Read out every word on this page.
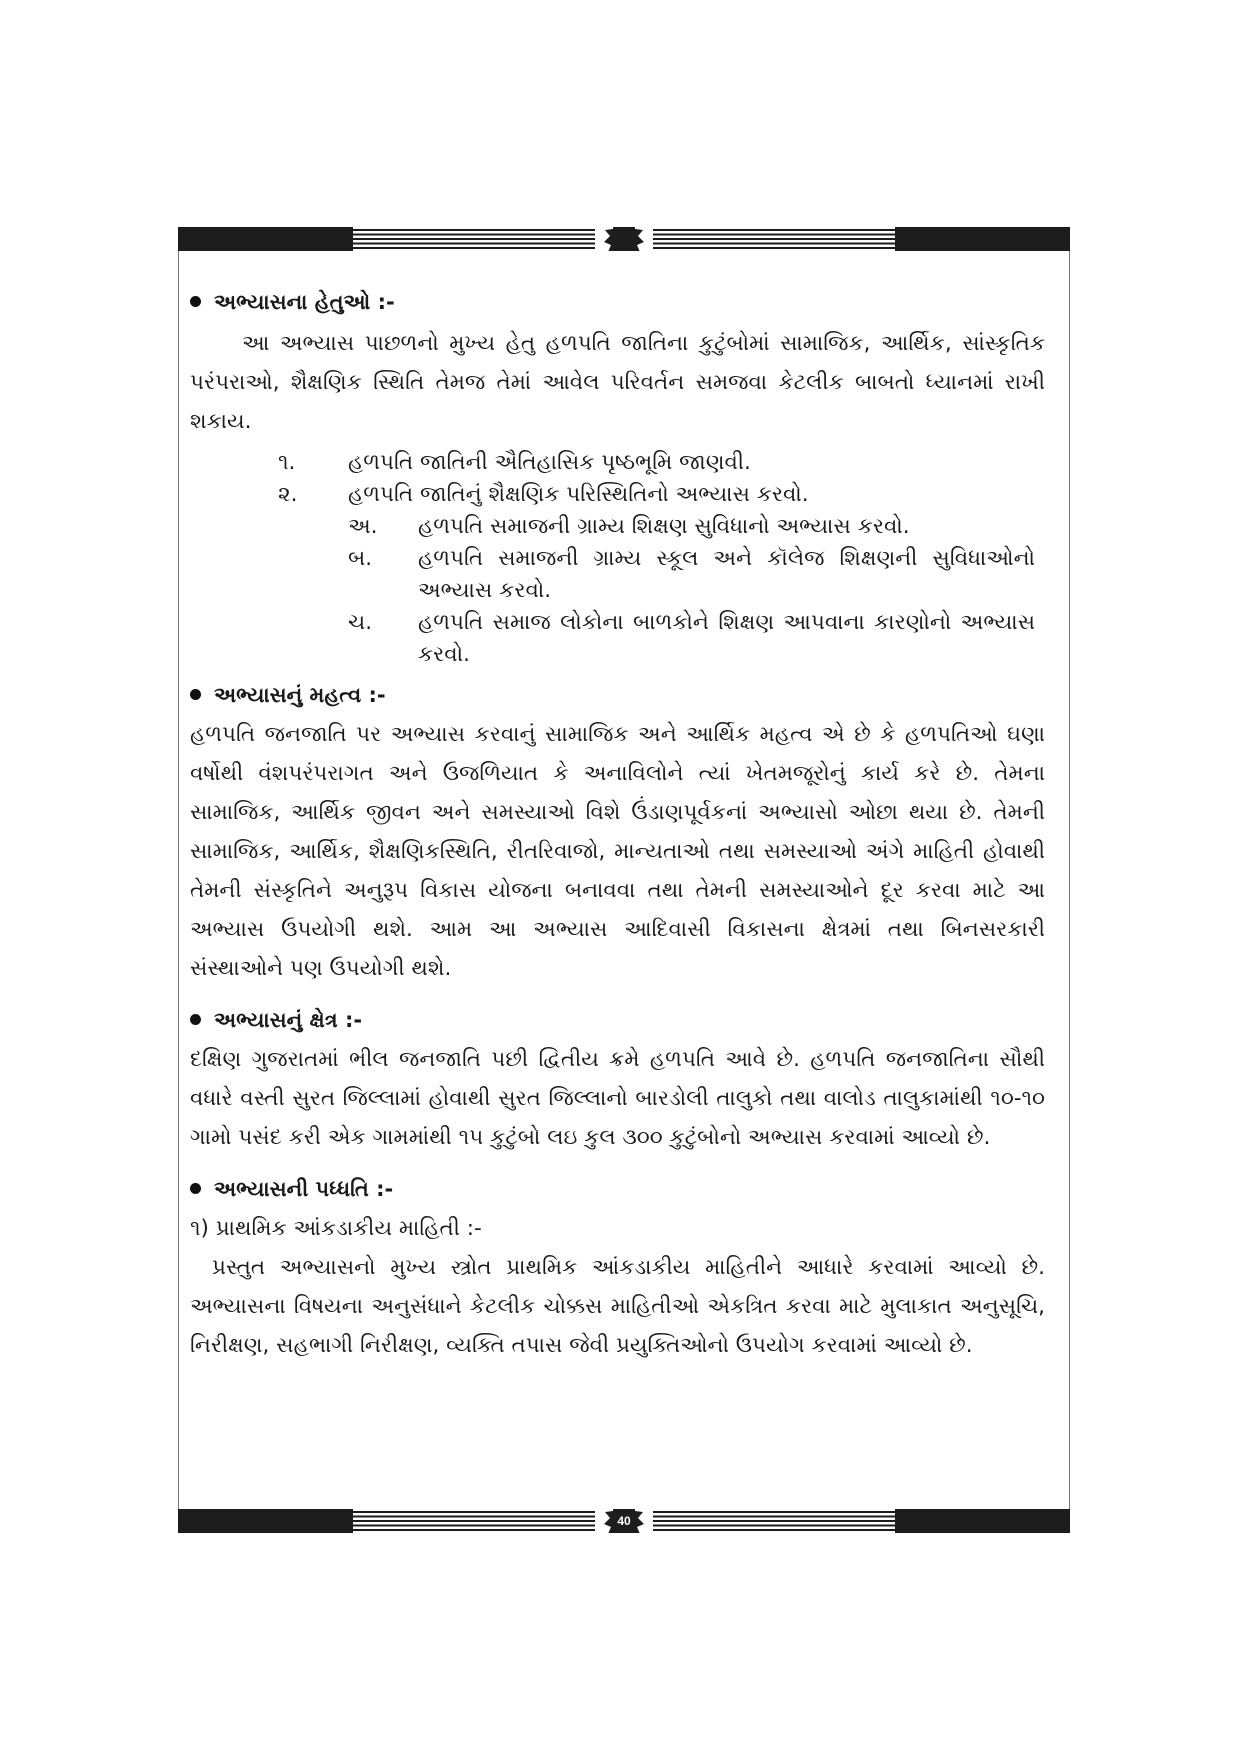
40
અભ્યાસના હેતુઓ :-

આ અભ્યાસ પાછળનો મુખ્ય હેતુ હળપતિ જાતિના કુટુંબોમાં સામાજિક, આર્થિક, સાંસ્કૃતિક પરંપરાઓ, શૈક્ષણિક સ્થિતિ તેમજ તેમાં આવેલ પરિવર્તન સમજવા કેટલીક બાબતો ધ્યાનમાં રાખી શકાય.

૧.	હળપતિ જાતિની ઐતિહાસિક પૃષ્ઠભૂમિ જાણવી.
૨.	હળપતિ જાતિનું શૈક્ષણિક પરિસ્થિતિનો અભ્યાસ કરવો.
અ.	હળપતિ સમાજની ગ્રામ્ય શિક્ષણ સુવિધાનો અભ્યાસ કરવો.
બ.	હળપતિ સમાજની ગ્રામ્ય સ્કૂલ અને કૉલેજ શિક્ષણની સુવિધાઓનો અભ્યાસ કરવો.
ચ.	હળપતિ સમાજ લોકોના બાળકોને શિક્ષણ આપવાના કારણોનો અભ્યાસ કરવો.
અભ્યાસનું મહત્વ :-

હળપતિ જનજાતિ પર અભ્યાસ કરવાનું સામાજિક અને આર્થિક મહત્વ એ છે કે હળપતિઓ ઘણા વર્ષોથી વંશપરંપરાગત અને ઉજળિયાત કે અનાવિલોને ત્યાં ખેતમજૂરોનું કાર્ય કરે છે. તેમના સામાજિક, આર્થિક જીવન અને સમસ્યાઓ વિશે ઉંડાણપૂર્વકનાં અભ્યાસો ઓછા થયા છે. તેમની સામાજિક, આર્થિક, શૈક્ષણિકસ્થિતિ, રીતરિવાજો, માન્યતાઓ તથા સમસ્યાઓ અંગે માહિતી હોવાથી તેમની સંસ્કૃતિને અનુરૂપ વિકાસ યોજના બનાવવા તથા તેમની સમસ્યાઓને દૂર કરવા માટે આ અભ્યાસ ઉપયોગી થશે. આમ આ અભ્યાસ આદિવાસી વિકાસના ક્ષેત્રમાં તથા બિનસરકારી સંસ્થાઓને પણ ઉપયોગી થશે.

અભ્યાસનું ક્ષેત્ર :-

દક્ષિણ ગુજરાતમાં ભીલ જનજાતિ પછી દ્વિતીય ક્રમે હળપતિ આવે છે. હળપતિ જનજાતિના સૌથી વધારે વસ્તી સુરત જિલ્લામાં હોવાથી સુરત જિલ્લાનો બારડોલી તાલુકો તથા વાલોડ તાલુકામાંથી ૧૦-૧૦ ગામો પસંદ કરી એક ગામમાંથી ૧૫ કુટુંબો લઇ કુલ ૩૦૦ કુટુંબોનો અભ્યાસ કરવામાં આવ્યો છે.

અભ્યાસની પધ્ધતિ :-

૧) પ્રાથમિક આંકડાકીય માહિતી :-

પ્રસ્તુત અભ્યાસનો મુખ્ય સ્ત્રોત પ્રાથમિક આંકડાકીય માહિતીને આધારે કરવામાં આવ્યો છે. અભ્યાસના વિષયના અનુસંધાને કેટલીક ચોક્કસ માહિતીઓ એકત્રિત કરવા માટે મુલાકાત અનુસૂચિ, નિરીક્ષણ, સહભાગી નિરીક્ષણ, વ્યક્તિ તપાસ જેવી પ્રયુક્તિઓનો ઉપયોગ કરવામાં આવ્યો છે.
